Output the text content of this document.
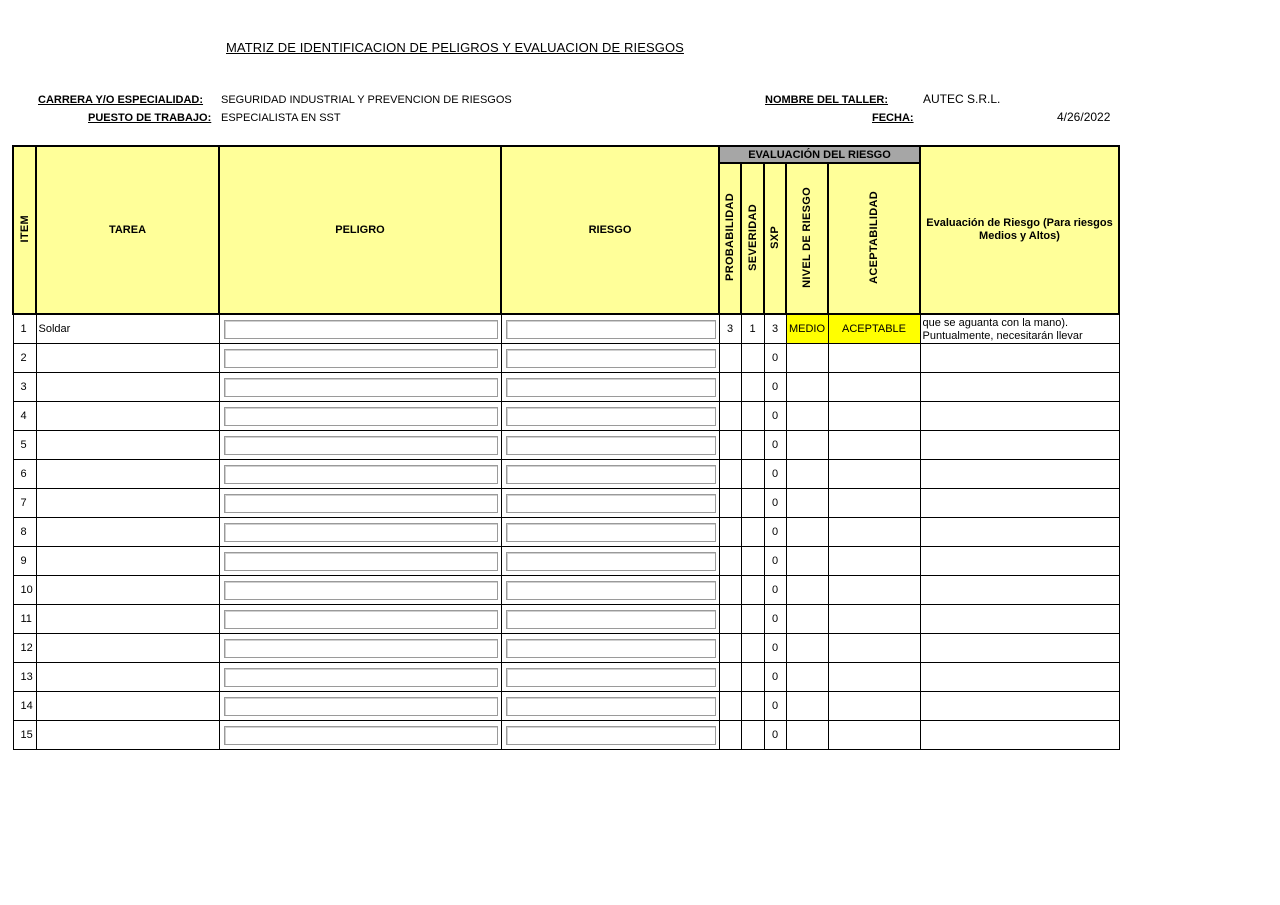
MATRIZ DE IDENTIFICACION DE PELIGROS Y EVALUACION DE RIESGOS
CARRERA Y/O ESPECIALIDAD: SEGURIDAD INDUSTRIAL Y PREVENCION DE RIESGOS
PUESTO DE TRABAJO: ESPECIALISTA EN SST
NOMBRE DEL TALLER:	AUTEC S.R.L.
FECHA:	4/26/2022
ITEM	TAREA	PELIGRO	RIESGO	EVALUACIÓN DEL RIESGO					Evaluación de Riesgo (Para riesgos Medios y Altos)
				PROBABILIDAD	SEVERIDAD	SXP	NIVEL DE RIESGO	ACEPTABILIDAD	
1	Soldar			3	1	3	MEDIO	ACEPTABLE	que se aguanta con la mano).
Puntualmente, necesitarán llevar

2						0			
3						0			
4						0			
5						0			
6						0			
7						0			
8						0			
9						0			
10						0			
11						0			
12						0			
13						0			
14						0			
15						0			
